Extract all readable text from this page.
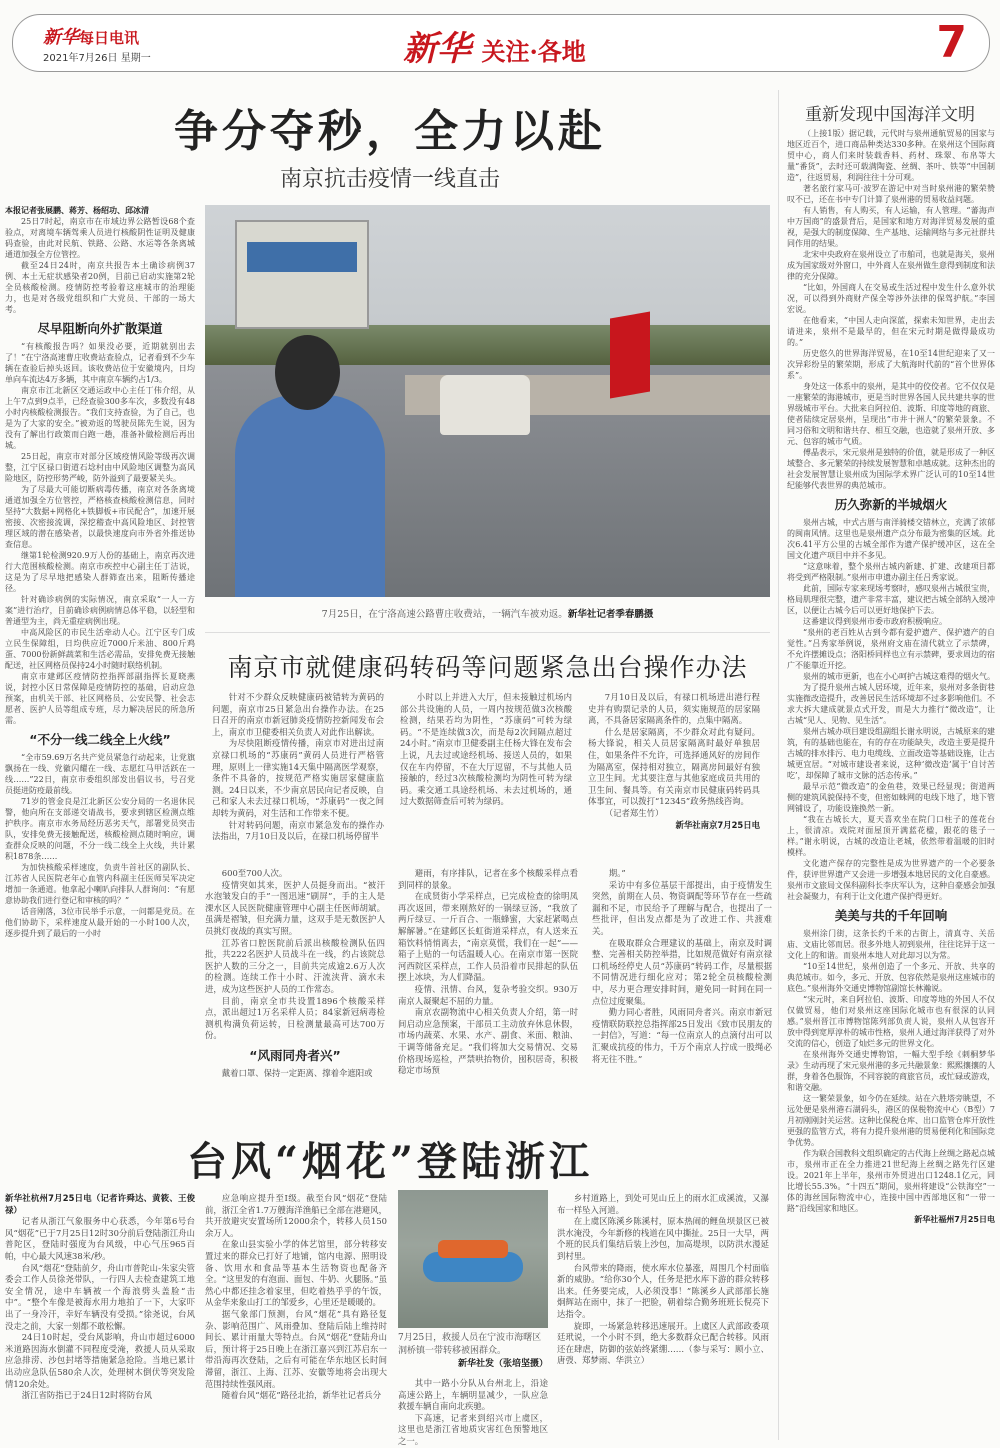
新华每日电讯
2021年7月26日 星期一	新华 关注·各地	7
争分夺秒，全力以赴
南京抗击疫情一线直击

本报记者张展鹏、蒋芳、杨绍功、邱冰清

25日7时起，南京市在市域边界公路暂设68个查验点，对离境车辆驾乘人员进行核酸阴性证明及健康码查验，由此对民航、铁路、公路、水运等各条离城通道加强全方位管控。

截至24日24时，南京共报告本土确诊病例37例、本土无症状感染者20例，目前已启动实施第2轮全员核酸检测。疫情防控考验着这座城市的治理能力，也是对各级党组织和广大党员、干部的一场大考。

尽早阻断向外扩散渠道

“有核酸报告吗？如果没必要，近期就别出去了！”在宁洛高速曹庄收费站查验点，记者看到不少车辆在查验后掉头返回。该收费站位于安徽境内，日均单向车流达4万多辆，其中南京车辆约占1/3。

南京市江北新区交通运政中心主任丁伟介绍，从上午7点到9点半，已经查验300多车次，多数没有48小时内核酸检测报告。“我们支持查验，为了自己，也是为了大家的安全。”被劝返的驾驶员陈先生说，因为没有了解出行政策而白跑一趟，准备补做检测后再出城。

25日起，南京市对部分区域疫情风险等级再次调整，江宁区禄口街道石埝村由中风险地区调整为高风险地区，防控形势严峻，防外溢到了最要紧关头。

为了尽最大可能切断病毒传播，南京对各条离境通道加强全方位管控，严格核查核酸检测信息，同时坚持“大数据+网格化+铁脚板+市民配合”，加速开展密接、次密接流调，深挖稽查中高风险地区、封控管理区域的潜在感染者，以最快速度向市外省外推送协查信息。

继第1轮检测920.9万人份的基础上，南京再次进行大范围核酸检测。南京市疾控中心副主任丁洁说，这是为了尽早地把感染人群筛查出来，阻断传播途径。

针对确诊病例的实际情况，南京采取“一人一方案”进行治疗，目前确诊病例病情总体平稳，以轻型和普通型为主，尚无重症病例出现。

中高风险区的市民生活牵动人心。江宁区专门成立民生保障组，日均供应近7000斤米油、800斤鸡蛋、7000份新鲜蔬菜和生活必需品，安排免费无接触配送，社区网格员保持24小时随时联络机制。

南京市建邺区疫情防控指挥部副指挥长夏晓燕说，封控小区日常保障是疫情防控的基础，启动应急预案，由机关干部、社区网格员、公安民警、社会志愿者、医护人员等组成专班，尽力解决居民的所急所需。

“不分一线二线全上火线”

“全市59.69万名共产党员紧急行动起来，让党旗飘扬在一线、党徽闪耀在一线、志愿红马甲活跃在一线……”22日，南京市委组织部发出倡议书，号召党员挺进防疫最前线。

71岁的管金良是江北新区公安分局的一名退休民警，他向所在支部递交请战书，要求到辖区检测点维护秩序。南京市水务局经历恶劣天气，部署党员突击队，安排免费无接触配送，核酸检测点随时响应，调查群众反映的问题，不分一线二线全上火线，共计累积1878条……

为加快核酸采样速度，负责牛首社区的副队长、江苏省人民医院老年心血管内科副主任医师吴军决定增加一条通道。他拿起小喇叭向排队人群询问：“有愿意协助我们进行登记和审核的吗？”

话音刚落，3位市民举手示意，一问都是党员。在他们协助下，采样速度从最开始的一小时100人次，逐步提升到了最后的一小时

7月25日，在宁洛高速公路曹庄收费站，一辆汽车被劝返。新华社记者季春鹏摄
南京市就健康码转码等问题紧急出台操作办法

针对不少群众反映健康码被错转为黄码的问题，南京市25日紧急出台操作办法。在25日召开的南京市新冠肺炎疫情防控新闻发布会上，南京市卫健委相关负责人对此作出解读。

为尽快阻断疫情传播，南京市对进出过南京禄口机场的“苏康码”黄码人员进行严格管理，原则上一律实施14天集中隔离医学观察，条件不具备的，按规范严格实施居家健康监测。24日以来，不少南京居民向记者反映，自己和家人未去过禄口机场，“苏康码”一夜之间却转为黄码，对生活和工作带来不便。

针对转码问题，南京市紧急发布的操作办法指出，7月10日及以后，在禄口机场停留半

小时以上并进入大厅，但未接触过机场内部公共设施的人员，一周内按规范做3次核酸检测，结果若均为阴性，“苏康码”可转为绿码。“不是连续做3次，而是每2次间隔点超过24小时。”南京市卫健委副主任杨大锋在发布会上说，凡去过或途经机场、接送人员的，如果仅在车内停留，不在大厅逗留，不与其他人员接触的，经过3次核酸检测均为阴性可转为绿码。乘交通工具途经机场、未去过机场的，通过大数据筛查后可转为绿码。

7月10日及以后，有禄口机场进出港行程史并有购票记录的人员，须实施规范的居家隔离，不具备居家隔离条件的，点集中隔离。

什么是居家隔离，不少群众对此有疑问。杨大锋说，相关人员居家隔离时最好单独居住，如果条件不允许，可选择通风好的房间作为隔离室，保持相对独立，隔离房间最好有独立卫生间。尤其要注意与其他家庭成员共用的卫生间、餐具等。有关南京市民健康码转码具体事宜，可以拨打“12345”政务热线咨询。

（记者郑生竹）

新华社南京7月25日电

600至700人次。

疫情突如其来，医护人员挺身而出。“被汗水泡皱发白的手”一图迅速“刷屏”，手的主人是溧水区人民医院健康管理中心副主任医师胡斌。虽满是褶皱，但充满力量，这双手是无数医护人员挑灯夜战的真实写照。

江苏省口腔医院前后派出核酸检测队伍四批，共222名医护人员战斗在一线，约占该院总医护人数的三分之一，目前共完成逾2.6万人次的检测。连续工作十小时、汗流浃背、滴水未进，成为这些医护人员的工作常态。

目前，南京全市共设置1896个核酸采样点，派出超过1万名采样人员；84家新冠病毒检测机构满负荷运转，日检测量最高可达700万份。

“风雨同舟者兴”

戴着口罩、保持一定距离、撑着伞遮阳或

避雨，有序排队，记者在多个核酸采样点看到同样的景象。

在成贤街小学采样点，已完成检查的徐明凤再次返回，带来刚熬好的一锅绿豆汤，“我放了两斤绿豆、一斤百合、一瓶蜂蜜，大家赶紧喝点解解暑。”在建邺区长虹街道采样点，有人送来五箱饮料悄悄离去，“南京莫慌，我们在一起”——箱子上贴的一句话温暖人心。在南京市第一医院河西院区采样点，工作人员沿着市民排起的队伍摆上冰块，为人们降温。

疫情、汛情、台风，复杂考验交织。930万南京人凝聚起不屈的力量。

南京农副物流中心相关负责人介绍，第一时间启动应急预案，干部员工主动放弃休息休假，市场内蔬菜、水果、水产、副食、米面、粮油、干调等储备充足。“我们将加大交易情况、交易价格现场巡检，严禁哄抬物价，囤积居奇，积极稳定市场预

期。”

采访中有多位基层干部提出，由于疫情发生突然，前期在人员、物资调配等环节存在一些疏漏和不足，市民给予了理解与配合，也提出了一些批评，但出发点都是为了改进工作、共渡难关。

在吸取群众合理建议的基础上，南京及时调整、完善相关防控举措，比如规范做好有南京禄口机场经停史人员“苏康码”转码工作，尽量根据不同情况进行细化应对；第2轮全员核酸检测中，尽力更合理安排时间，避免同一时间在同一点位过度聚集。

勤力同心者胜，风雨同舟者兴。南京市新冠疫情联防联控总指挥部25日发出《致市民朋友的一封信》，写道：“每一位南京人的点滴付出可以汇聚成抗疫的伟力，千万个南京人拧成一股绳必将无往不胜。”

台风“烟花”登陆浙江

新华社杭州7月25日电（记者许舜达、黄筱、王俊禄）

记者从浙江气象服务中心获悉，今年第6号台风“烟花”已于7月25日12时30分前后登陆浙江舟山普陀区，登陆时强度为台风级，中心气压965百帕，中心最大风速38米/秒。

台风“烟花”登陆前夕，舟山市普陀山-朱家尖管委会工作人员徐尧带队，一行四人去检查建筑工地安全情况，途中车辆被一个海浪劈头盖脸“击中”。“整个车像是被海水用力地拍了一下，大家吓出了一身冷汗，幸好车辆没有受损。”徐尧说，台风没走之前，大家一刻都不敢松懈。

24日10时起，受台风影响，舟山市超过6000米道路因海水倒灌不同程度受淹，救援人员从采取应急排涝、沙包封堵等措施紧急抢险。当地已累计出动应急队伍580余人次，处理树木倒伏等突发险情120余处。

浙江省防指已于24日12时将防台风

应急响应提升至Ⅰ级。截至台风“烟花”登陆前，浙江全省1.7万艘海洋渔船已全部在港避风，共开放避灾安置场所12000余个，转移人员150余万人。

在象山县实验小学的体艺馆里，部分转移安置过来的群众已打好了地铺，馆内电源、照明设备、饮用水和食品等基本生活物资也配备齐全。“这里发的有泡面、面包、牛奶、火腿肠。”虽然心中都还挂念着家里，但吃着热乎乎的午饭，从金华来象山打工的邹爱乡，心里还是暖暖的。

据气象部门预测，台风“烟花”具有路径复杂、影响范围广、风雨叠加、登陆后陆上维持时间长、累计雨量大等特点。台风“烟花”登陆舟山后，预计将于25日晚上在浙江嘉兴到江苏启东一带沿海再次登陆，之后有可能在华东地区长时间滞留，浙江、上海、江苏、安徽等地将会出现大范围持续性强风雨。

随着台风“烟花”路径北抬，新华社记者兵分

7月25日，救援人员在宁波市海曙区洞桥镇一带转移被困群众。

新华社发（张培坚摄）

其中一路小分队从台州北上，沿途高速公路上，车辆明显减少，一队应急救援车辆自南向北疾驰。

下高速，记者来到绍兴市上虞区，这里也是浙江省地质灾害红色预警地区之一。

乡村道路上，到处可见山丘上的雨水汇成溪流，又瀑布一样坠入河道。

在上虞区陈溪乡陈溪村，原本热闹的鲤鱼坝景区已被洪水淹没，今年新修的栈道在风中撕扯。25日一大早，两个班的民兵们集结后装上沙包，加高堤坝，以防洪水漫延到村里。

台风带来的降雨，使水库水位暴涨，周围几个村面临新的威胁。“给你30个人，任务是把水库下游的群众转移出来。任务要完成，人必须没事！”陈溪乡人武部部长施炯辉站在雨中，抹了一把脸，朝着综合勤务班班长倪亮下达指令。

旋即，一场紧急转移迅速展开。上虞区人武部政委项廷玳说，一个小时不到，绝大多数群众已配合转移。风雨还在肆虐，防御的弦始终紧绷……（参与采写：顾小立、唐弢、郑梦雨、华洪立）

重新发现中国海洋文明

（上接1版）据记载，元代时与泉州通航贸易的国家与地区近百个，进口商品种类达330多种。在泉州这个国际商贸中心，商人们来时装载香料、药材、珠翠、布帛等大量“番货”，去时还可载满陶瓷、丝绸、茶叶、铁等“中国制造”，往返贸易，利润往往十分可观。

著名旅行家马可·波罗在游记中对当时泉州港的繁荣赞叹不已，还在书中专门计算了泉州港的贸易收益问题。

有人销售，有人购买，有人运输，有人管理。“蕃海声中万国商”的盛景背后，是国家和地方对海洋贸易发展的重视，是强大的制度保障、生产基地、运输网络与多元社群共同作用的结果。

北宋中央政府在泉州设立了市舶司，也就是海关，泉州成为国家级对外窗口，中外商人在泉州做生意得到制度和法律的充分保障。

“比如，外国商人在交易或生活过程中发生什么意外状况，可以得到外商财产保全等涉外法律的保驾护航。”李国宏说。

在他看来，“中国人走向深蓝，探索未知世界，走出去请进来，泉州不是最早的，但在宋元时期是做得最成功的。”

历史悠久的世界海洋贸易，在10至14世纪迎来了又一次异彩纷呈的繁荣期，形成了大航海时代前的“首个世界体系”。

身处这一体系中的泉州，是其中的佼佼者。它不仅仅是一座繁荣的海港城市，更是当时世界各国人民共建共享的世界级城市平台。大批来自阿拉伯、波斯、印度等地的商旅、使者陆续定居泉州，呈现出“市井十洲人”的繁荣景象。不同习俗和文明和谐共存、相互交融，也造就了泉州开放、多元、包容的城市气质。

傅晶表示，宋元泉州是独特的价值，就是形成了一种区域整合、多元繁荣的持续发展智慧和卓越成就。这种杰出的社会发展智慧让泉州成为国际学术界广泛认可的10至14世纪能够代表世界的典范城市。

历久弥新的半城烟火

泉州古城，中式古厝与南洋骑楼交错林立，充满了浓郁的闽南风情。这里也是泉州遗产点分布最为密集的区域。此次6.41平方公里的古城全部作为遗产保护缓冲区，这在全国文化遗产项目中并不多见。

“这意味着，整个泉州古城内新建、扩建、改建项目都将受到严格限制。”泉州市申遗办副主任吕秀家说。

此前，国际专家来现场考察时，感叹泉州古城很宝贵，格局肌理很完整，遗产非常丰富，建议把古城全部纳入缓冲区，以便让古城今后可以更好地保护下去。

这番建议得到泉州市委市政府积极响应。

“泉州的老百姓从古到今都有爱护遗产、保护遗产的自觉性。”吕秀家举例说，泉州府文庙在清代就立了示禁碑，不允许摆摊设点；洛阳桥同样也立有示禁碑，要求周边的宿广不能靠近开挖。

泉州的城市更新，也在小心呵护古城这难得的烟火气。

为了提升泉州古城人居环境，近年来，泉州对多条街巷实施微改造提升，改善居民生活环境却不过多影响他们。不求大拆大建成就景点式开发，而是大力推行“微改造”，让古城“见人、见物、见生活”。

泉州古城办项目建设组副组长谢永明说，古城原来的建筑，有的基础也能在，有的存在功能缺失，改造主要是提升古城的排水排污、电力电缆线、立面改造等基础设施，让古城更宜居。“对城市建设者来说，这种‘微改造’属于‘自讨苦吃’，却保障了城市文脉的活态传承。”

最早示范“微改造”的金鱼巷，效果已经显现；街道两侧的建筑风貌保持不变，但密如蛛网的电线下地了，地下管网铺设了，功能设施换然一新。

“我在古城长大，夏天喜欢坐在院门口柱子的莲花台上，很清凉。戏院对面屋顶开满蓝花楹，跟花的毯子一样。”谢永明说，古城的改造让老城，依然带着温暖的旧时模样。

文化遗产保存的完整性是成为世界遗产的一个必要条件，获评世界遗产又会进一步增强本地居民的文化自豪感。泉州市文旅局文保科副科长李庆军认为，这种自豪感会加强社会凝聚力，有利于让文化遗产保护得更好。

美美与共的千年回响

泉州涂门街，这条长约千米的古街上，清真寺、关岳庙、文庙比邻而居。很多外地人初到泉州，往往诧异于这一文化上的和谐。而泉州本地人对此却习以为常。

“10至14世纪，泉州创造了一个多元、开放、共享的典范城市。如今，多元、开放、包容依然是泉州这座城市的底色。”泉州海外交通史博物馆副馆长林瀚说。

“宋元时，来自阿拉伯、波斯、印度等地的外国人不仅仅做贸易，他们对泉州这座国际化城市也有很深的认同感。”泉州晋江市博物馆陈列部负责人说，泉州人从包容开放中得到宽厚淳朴的城市性格，泉州人通过海洋获得了对外交流的信心，创造了灿烂多元的世界文化。

在泉州海外交通史博物馆，一幅大型手绘《刺桐梦华录》生动再现了宋元泉州港的多元共融景象：熙熙攘攘的人群，身着各色服饰，不同容貌的商旅官员，或忙碌或游戏，和谐交融。

这一繁荣景象，如今仍在延续。站在六胜塔旁眺望，不远处便是泉州港石湖码头，港区的保税物流中心（B型）7月初刚刚封关运营。这种比保税仓库、出口监管仓库开放性更强的监管方式，将有力提升泉州港的贸易便利化和国际竞争优势。

作为联合国教科文组织确定的古代海上丝绸之路起点城市，泉州市正在全力推进21世纪海上丝绸之路先行区建设。2021年上半年，泉州市外贸进出口1248.1亿元，同比增长55.3%。“十四五”期间，泉州将建设“公铁海空”一体的海丝国际物流中心，连接中国中西部地区和“一带一路”沿线国家和地区。

新华社福州7月25日电
